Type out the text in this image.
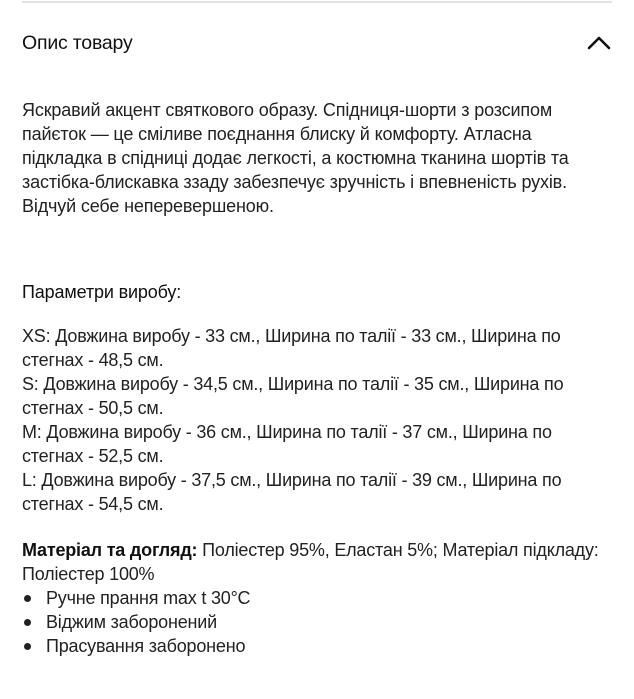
Опис товару

Яскравий акцент святкового образу. Спідниця-шорти з розсипом пайєток — це сміливе поєднання блиску й комфорту. Атласна підкладка в спідниці додає легкості, а костюмна тканина шортів та застібка-блискавка ззаду забезпечує зручність і впевненість рухів. Відчуй себе неперевершеною.

Параметри виробу:
XS: Довжина виробу - 33 см., Ширина по талії - 33 см., Ширина по стегнах - 48,5 см.
S: Довжина виробу - 34,5 см., Ширина по талії - 35 см., Ширина по стегнах - 50,5 см.
M: Довжина виробу - 36 см., Ширина по талії - 37 см., Ширина по стегнах - 52,5 см.
L: Довжина виробу - 37,5 см., Ширина по талії - 39 см., Ширина по стегнах - 54,5 см.
Матеріал та догляд: Поліестер 95%, Еластан 5%; Матеріал підкладу: Поліестер 100%
Ручне прання max t 30°C
Віджим заборонений
Прасування заборонено
